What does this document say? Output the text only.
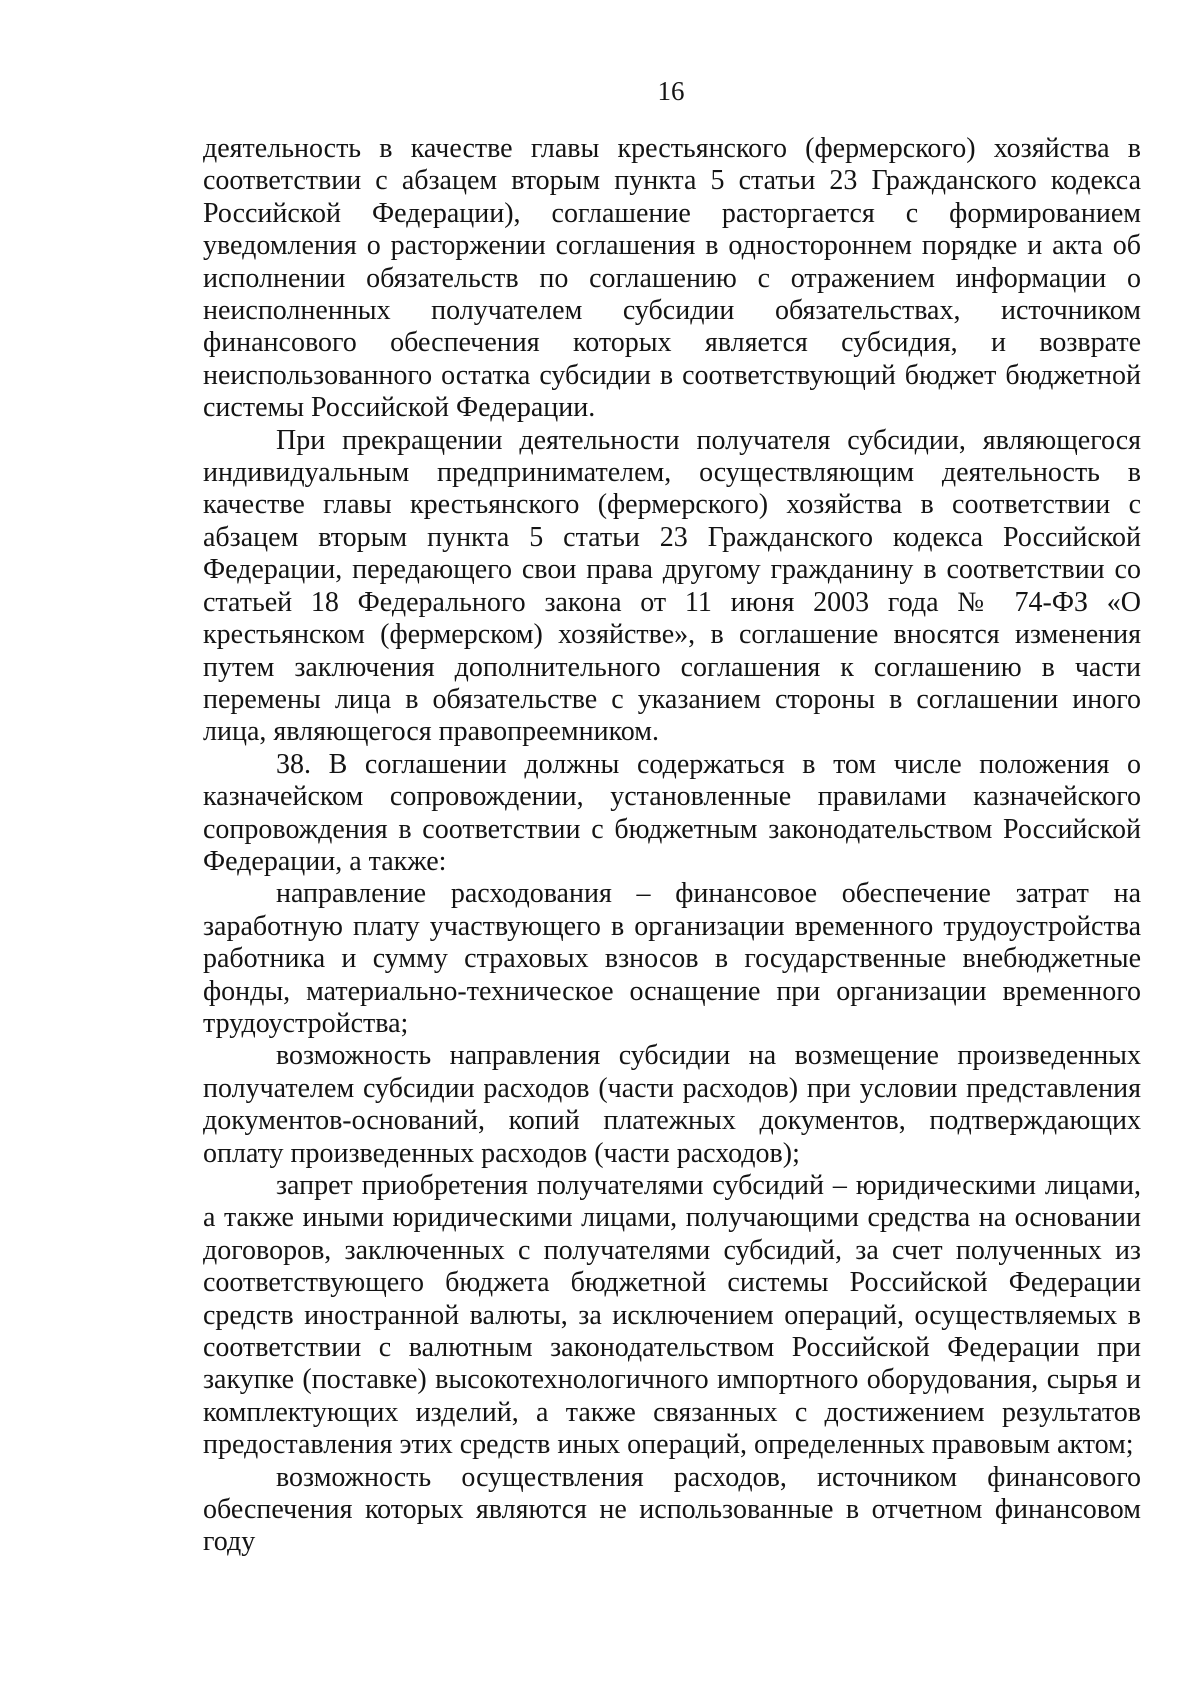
16

деятельность в качестве главы крестьянского (фермерского) хозяйства в соответствии с абзацем вторым пункта 5 статьи 23 Гражданского кодекса Российской Федерации), соглашение расторгается с формированием уведомления о расторжении соглашения в одностороннем порядке и акта об исполнении обязательств по соглашению с отражением информации о неисполненных получателем субсидии обязательствах, источником финансового обеспечения которых является субсидия, и возврате неиспользованного остатка субсидии в соответствующий бюджет бюджетной системы Российской Федерации.

При прекращении деятельности получателя субсидии, являющегося индивидуальным предпринимателем, осуществляющим деятельность в качестве главы крестьянского (фермерского) хозяйства в соответствии с абзацем вторым пункта 5 статьи 23 Гражданского кодекса Российской Федерации, передающего свои права другому гражданину в соответствии со статьей 18 Федерального закона от 11 июня 2003 года № 74-ФЗ «О крестьянском (фермерском) хозяйстве», в соглашение вносятся изменения путем заключения дополнительного соглашения к соглашению в части перемены лица в обязательстве с указанием стороны в соглашении иного лица, являющегося правопреемником.

38. В соглашении должны содержаться в том числе положения о казначейском сопровождении, установленные правилами казначейского сопровождения в соответствии с бюджетным законодательством Российской Федерации, а также:

направление расходования – финансовое обеспечение затрат на заработную плату участвующего в организации временного трудоустройства работника и сумму страховых взносов в государственные внебюджетные фонды, материально-техническое оснащение при организации временного трудоустройства;

возможность направления субсидии на возмещение произведенных получателем субсидии расходов (части расходов) при условии представления документов-оснований, копий платежных документов, подтверждающих оплату произведенных расходов (части расходов);

запрет приобретения получателями субсидий – юридическими лицами, а также иными юридическими лицами, получающими средства на основании договоров, заключенных с получателями субсидий, за счет полученных из соответствующего бюджета бюджетной системы Российской Федерации средств иностранной валюты, за исключением операций, осуществляемых в соответствии с валютным законодательством Российской Федерации при закупке (поставке) высокотехнологичного импортного оборудования, сырья и комплектующих изделий, а также связанных с достижением результатов предоставления этих средств иных операций, определенных правовым актом;

возможность осуществления расходов, источником финансового обеспечения которых являются не использованные в отчетном финансовом году
